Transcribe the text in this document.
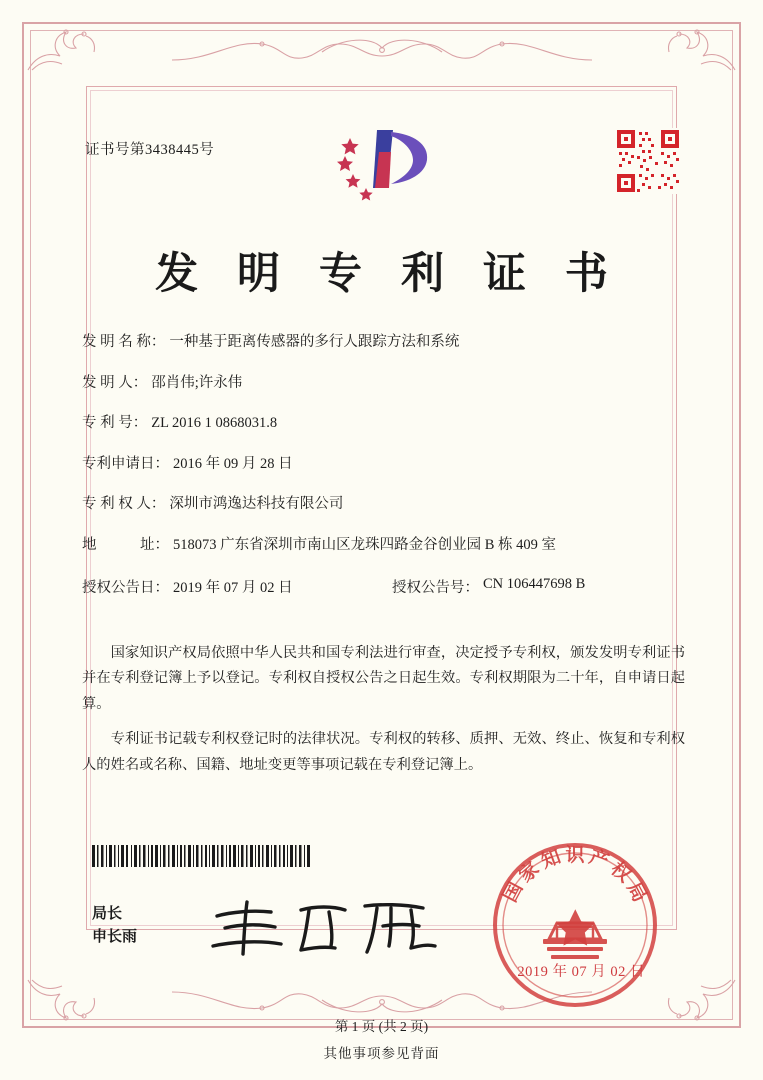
证书号第3438445号
发 明 专 利 证 书
发 明 名 称： 一种基于距离传感器的多行人跟踪方法和系统
发 明 人： 邵肖伟;许永伟
专 利 号： ZL 2016 1 0868031.8
专利申请日： 2016 年 09 月 28 日
专 利 权 人： 深圳市鸿逸达科技有限公司
地　　　址： 518073 广东省深圳市南山区龙珠四路金谷创业园 B 栋 409 室
授权公告日： 2019 年 07 月 02 日	授权公告号： CN 106447698 B

国家知识产权局依照中华人民共和国专利法进行审查，决定授予专利权，颁发发明专利证书并在专利登记簿上予以登记。专利权自授权公告之日起生效。专利权期限为二十年，自申请日起算。

专利证书记载专利权登记时的法律状况。专利权的转移、质押、无效、终止、恢复和专利权人的姓名或名称、国籍、地址变更等事项记载在专利登记簿上。

局长
申长雨
国
家
知 识 产
权
局
2019 年 07 月 02 日
第 1 页 (共 2 页)
其他事项参见背面
